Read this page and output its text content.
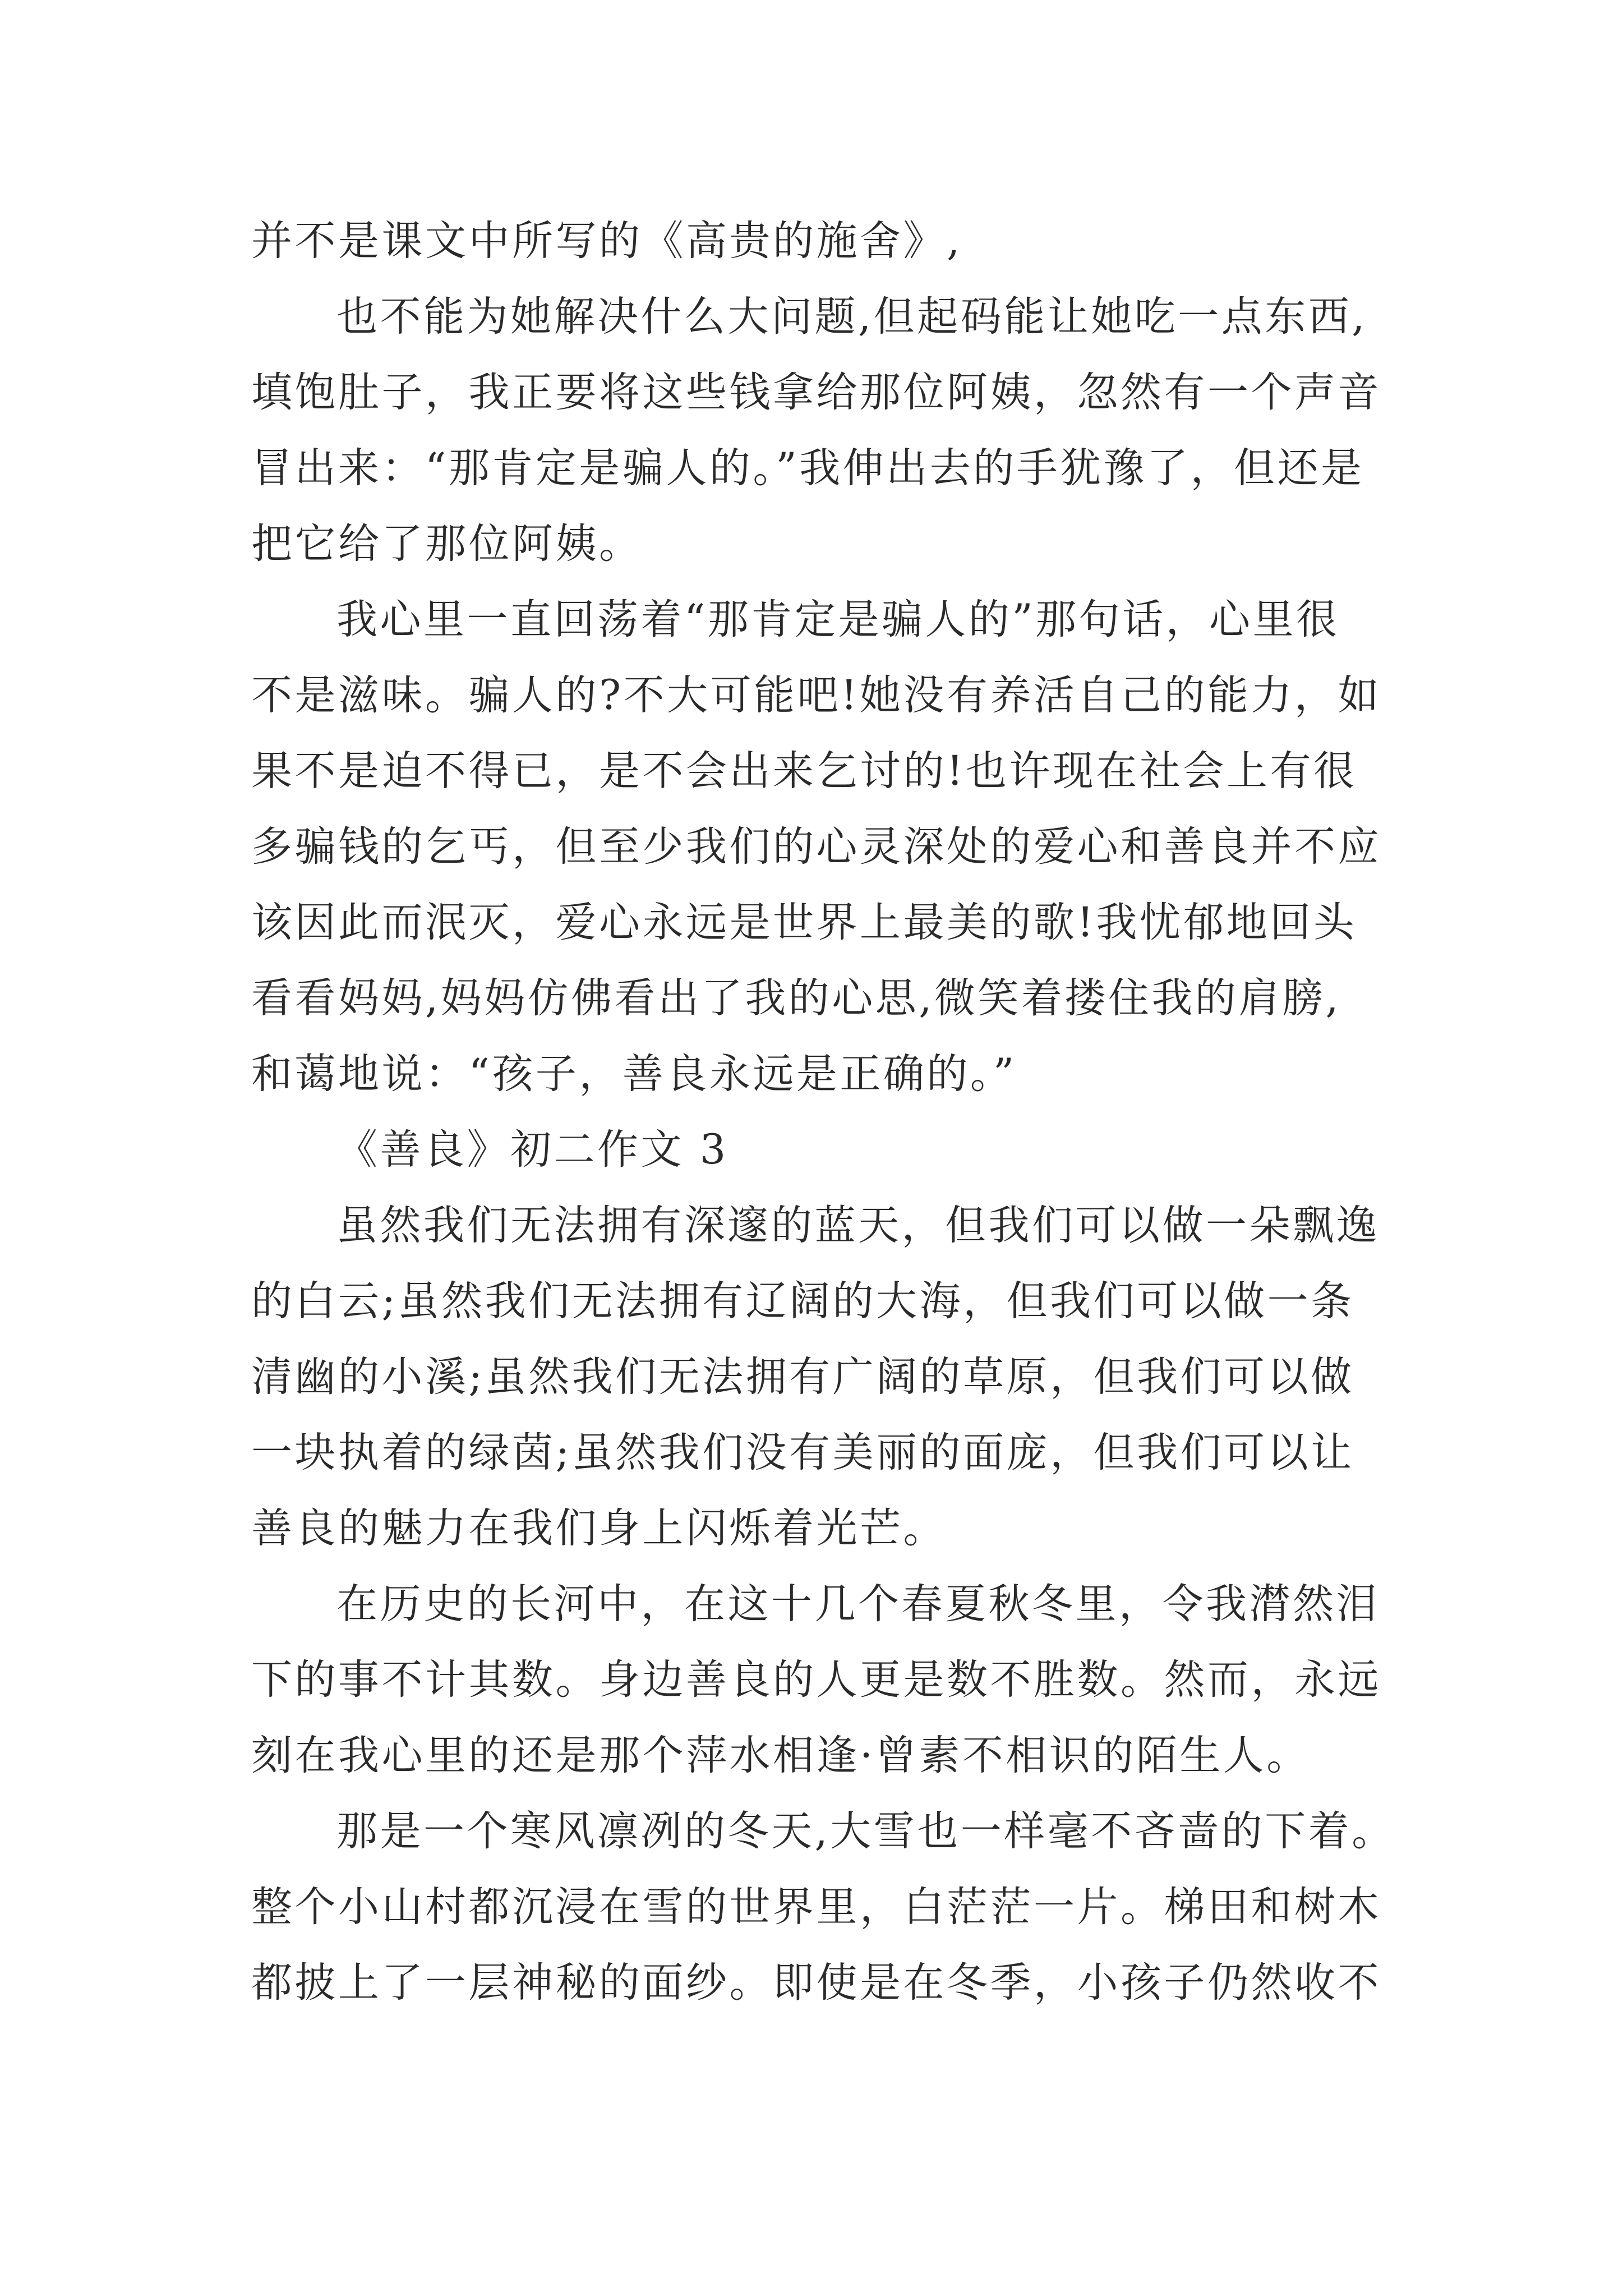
并不是课文中所写的《高贵的施舍》,

也不能为她解决什么大问题,但起码能让她吃一点东西,

填饱肚子，我正要将这些钱拿给那位阿姨，忽然有一个声音

冒出来：“那肯定是骗人的。”我伸出去的手犹豫了，但还是

把它给了那位阿姨。

我心里一直回荡着“那肯定是骗人的”那句话，心里很

不是滋味。骗人的?不大可能吧!她没有养活自己的能力，如

果不是迫不得已，是不会出来乞讨的!也许现在社会上有很

多骗钱的乞丐，但至少我们的心灵深处的爱心和善良并不应

该因此而泯灭，爱心永远是世界上最美的歌!我忧郁地回头

看看妈妈,妈妈仿佛看出了我的心思,微笑着搂住我的肩膀,

和蔼地说：“孩子，善良永远是正确的。”

《善良》初二作文 3

虽然我们无法拥有深邃的蓝天，但我们可以做一朵飘逸

的白云;虽然我们无法拥有辽阔的大海，但我们可以做一条

清幽的小溪;虽然我们无法拥有广阔的草原，但我们可以做

一块执着的绿茵;虽然我们没有美丽的面庞，但我们可以让

善良的魅力在我们身上闪烁着光芒。

在历史的长河中，在这十几个春夏秋冬里，令我潸然泪

下的事不计其数。身边善良的人更是数不胜数。然而，永远

刻在我心里的还是那个萍水相逢·曾素不相识的陌生人。

那是一个寒风凛冽的冬天,大雪也一样毫不吝啬的下着。

整个小山村都沉浸在雪的世界里，白茫茫一片。梯田和树木

都披上了一层神秘的面纱。即使是在冬季，小孩子仍然收不
